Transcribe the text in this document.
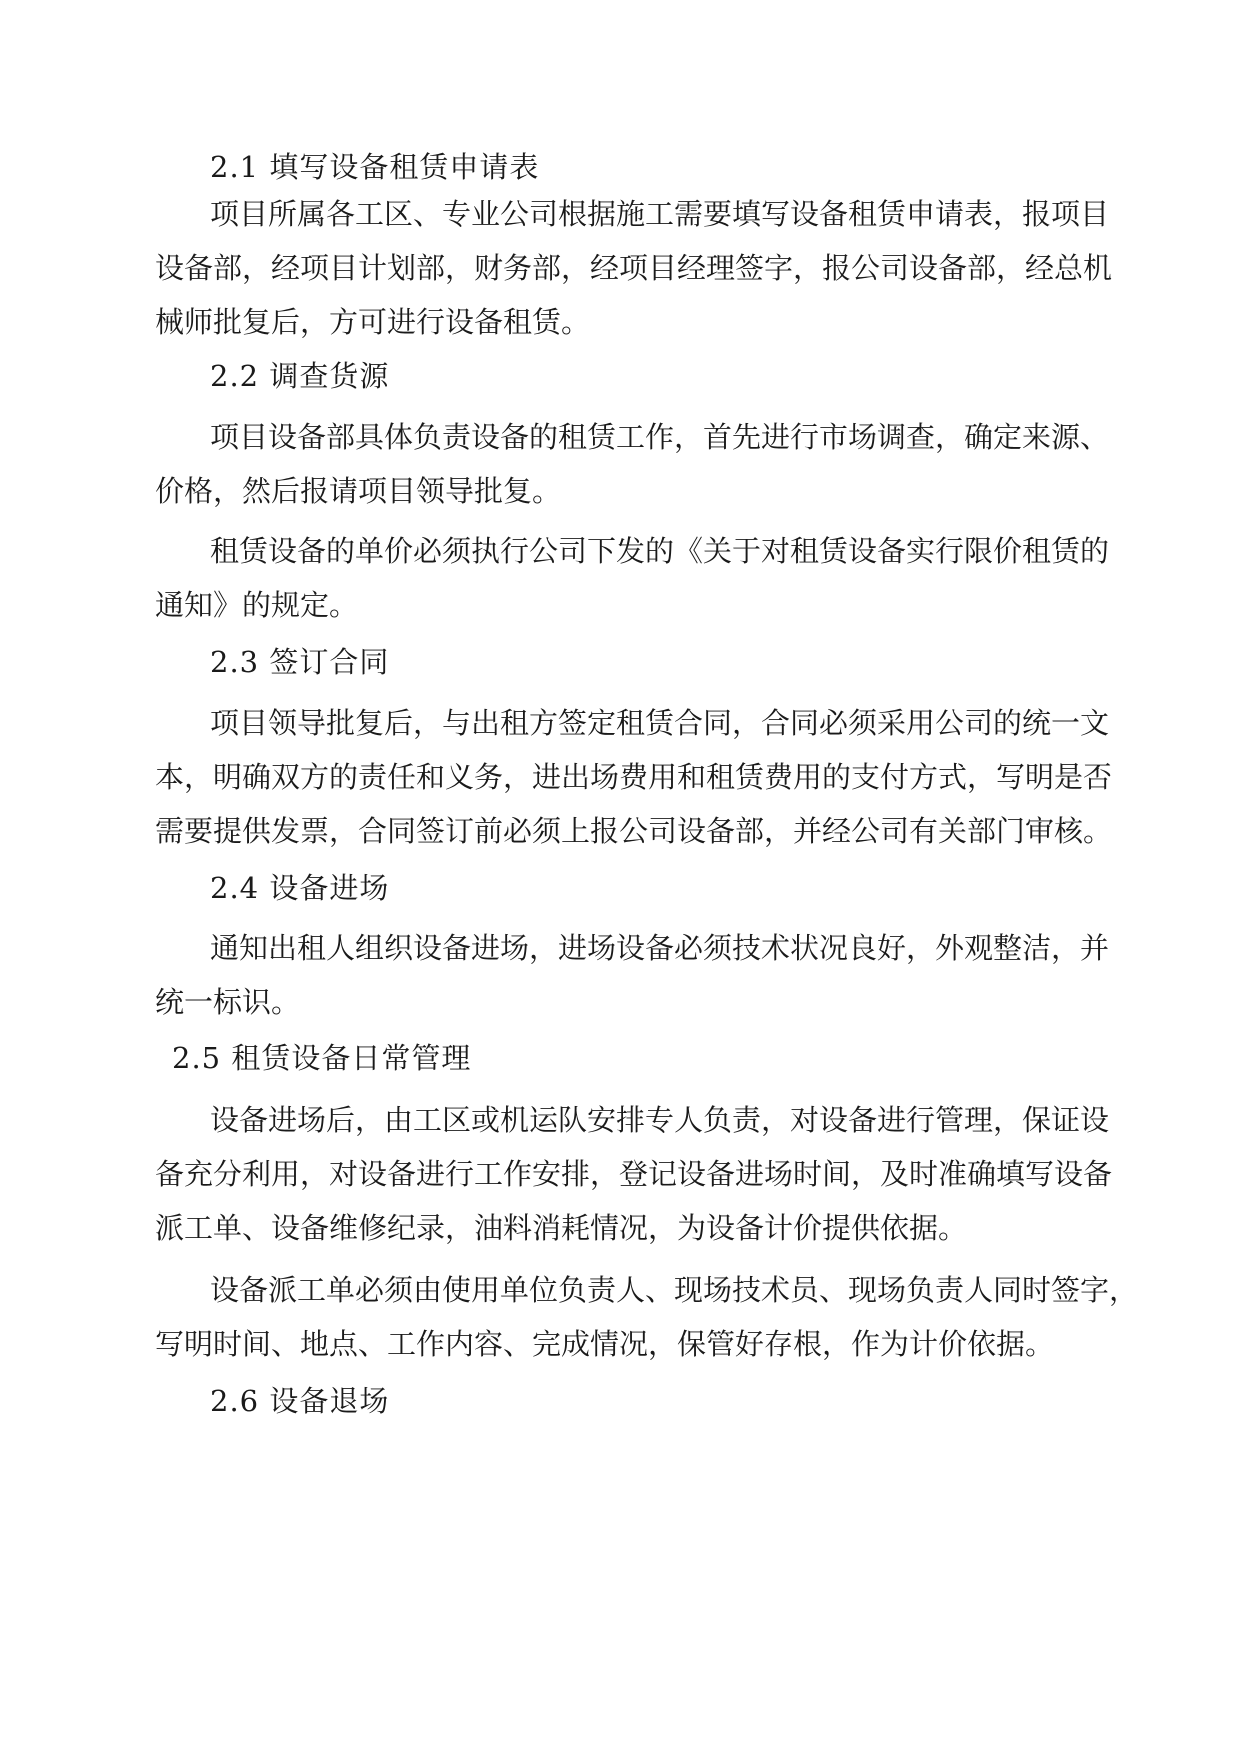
2.1 填写设备租赁申请表
项目所属各工区、专业公司根据施工需要填写设备租赁申请表，报项目
设备部，经项目计划部，财务部，经项目经理签字，报公司设备部，经总机
械师批复后，方可进行设备租赁。
2.2 调查货源
项目设备部具体负责设备的租赁工作，首先进行市场调查，确定来源、
价格，然后报请项目领导批复。
租赁设备的单价必须执行公司下发的《关于对租赁设备实行限价租赁的
通知》的规定。
2.3 签订合同
项目领导批复后，与出租方签定租赁合同，合同必须采用公司的统一文
本，明确双方的责任和义务，进出场费用和租赁费用的支付方式，写明是否
需要提供发票，合同签订前必须上报公司设备部，并经公司有关部门审核。
2.4 设备进场
通知出租人组织设备进场，进场设备必须技术状况良好，外观整洁，并
统一标识。
2.5 租赁设备日常管理
设备进场后，由工区或机运队安排专人负责，对设备进行管理，保证设
备充分利用，对设备进行工作安排，登记设备进场时间，及时准确填写设备
派工单、设备维修纪录，油料消耗情况，为设备计价提供依据。
设备派工单必须由使用单位负责人、现场技术员、现场负责人同时签字，
写明时间、地点、工作内容、完成情况，保管好存根，作为计价依据。
2.6 设备退场
